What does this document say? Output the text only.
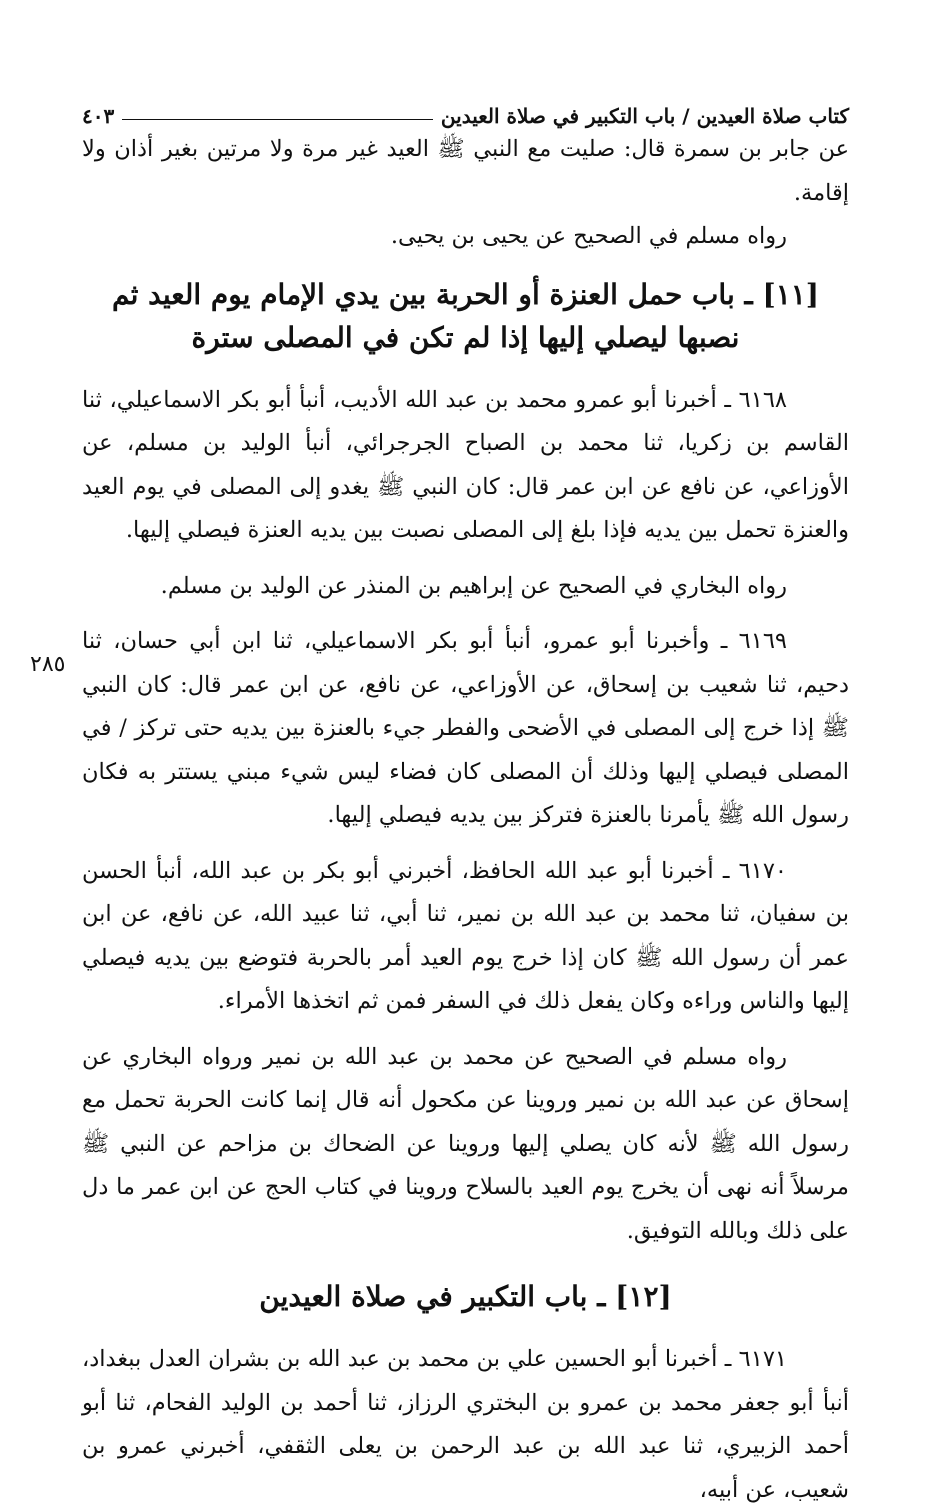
كتاب صلاة العيدين / باب التكبير في صلاة العيدين
٤٠٣

عن جابر بن سمرة قال: صليت مع النبي ﷺ العيد غير مرة ولا مرتين بغير أذان ولا إقامة.

رواه مسلم في الصحيح عن يحيى بن يحيى.

[١١] ـ باب حمل العنزة أو الحربة بين يدي الإمام يوم العيد ثم نصبها ليصلي إليها إذا لم تكن في المصلى سترة

٦١٦٨ ـ أخبرنا أبو عمرو محمد بن عبد الله الأديب، أنبأ أبو بكر الاسماعيلي، ثنا القاسم بن زكريا، ثنا محمد بن الصباح الجرجرائي، أنبأ الوليد بن مسلم، عن الأوزاعي، عن نافع عن ابن عمر قال: كان النبي ﷺ يغدو إلى المصلى في يوم العيد والعنزة تحمل بين يديه فإذا بلغ إلى المصلى نصبت بين يديه العنزة فيصلي إليها.

رواه البخاري في الصحيح عن إبراهيم بن المنذر عن الوليد بن مسلم.

٦١٦٩ ـ وأخبرنا أبو عمرو، أنبأ أبو بكر الاسماعيلي، ثنا ابن أبي حسان، ثنا دحيم، ثنا شعيب بن إسحاق، عن الأوزاعي، عن نافع، عن ابن عمر قال: كان النبي ﷺ إذا خرج إلى المصلى في الأضحى والفطر جيء بالعنزة بين يديه حتى تركز / في المصلى فيصلي إليها وذلك أن المصلى كان فضاء ليس شيء مبني يستتر به فكان رسول الله ﷺ يأمرنا بالعنزة فتركز بين يديه فيصلي إليها.

٦١٧٠ ـ أخبرنا أبو عبد الله الحافظ، أخبرني أبو بكر بن عبد الله، أنبأ الحسن بن سفيان، ثنا محمد بن عبد الله بن نمير، ثنا أبي، ثنا عبيد الله، عن نافع، عن ابن عمر أن رسول الله ﷺ كان إذا خرج يوم العيد أمر بالحربة فتوضع بين يديه فيصلي إليها والناس وراءه وكان يفعل ذلك في السفر فمن ثم اتخذها الأمراء.

رواه مسلم في الصحيح عن محمد بن عبد الله بن نمير ورواه البخاري عن إسحاق عن عبد الله بن نمير وروينا عن مكحول أنه قال إنما كانت الحربة تحمل مع رسول الله ﷺ لأنه كان يصلي إليها وروينا عن الضحاك بن مزاحم عن النبي ﷺ مرسلاً أنه نهى أن يخرج يوم العيد بالسلاح وروينا في كتاب الحج عن ابن عمر ما دل على ذلك وبالله التوفيق.

[١٢] ـ باب التكبير في صلاة العيدين

٦١٧١ ـ أخبرنا أبو الحسين علي بن محمد بن عبد الله بن بشران العدل ببغداد، أنبأ أبو جعفر محمد بن عمرو بن البختري الرزاز، ثنا أحمد بن الوليد الفحام، ثنا أبو أحمد الزبيري، ثنا عبد الله بن عبد الرحمن بن يعلى الثقفي، أخبرني عمرو بن شعيب، عن أبيه،

٢٨٥
